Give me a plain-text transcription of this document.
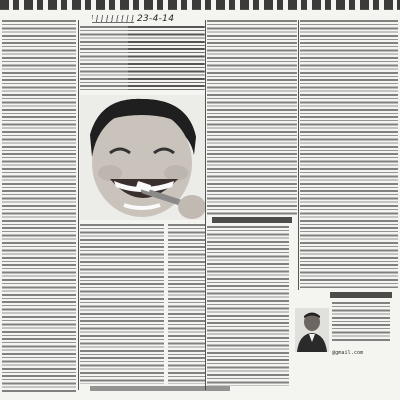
23-4-14
@gmail.com
